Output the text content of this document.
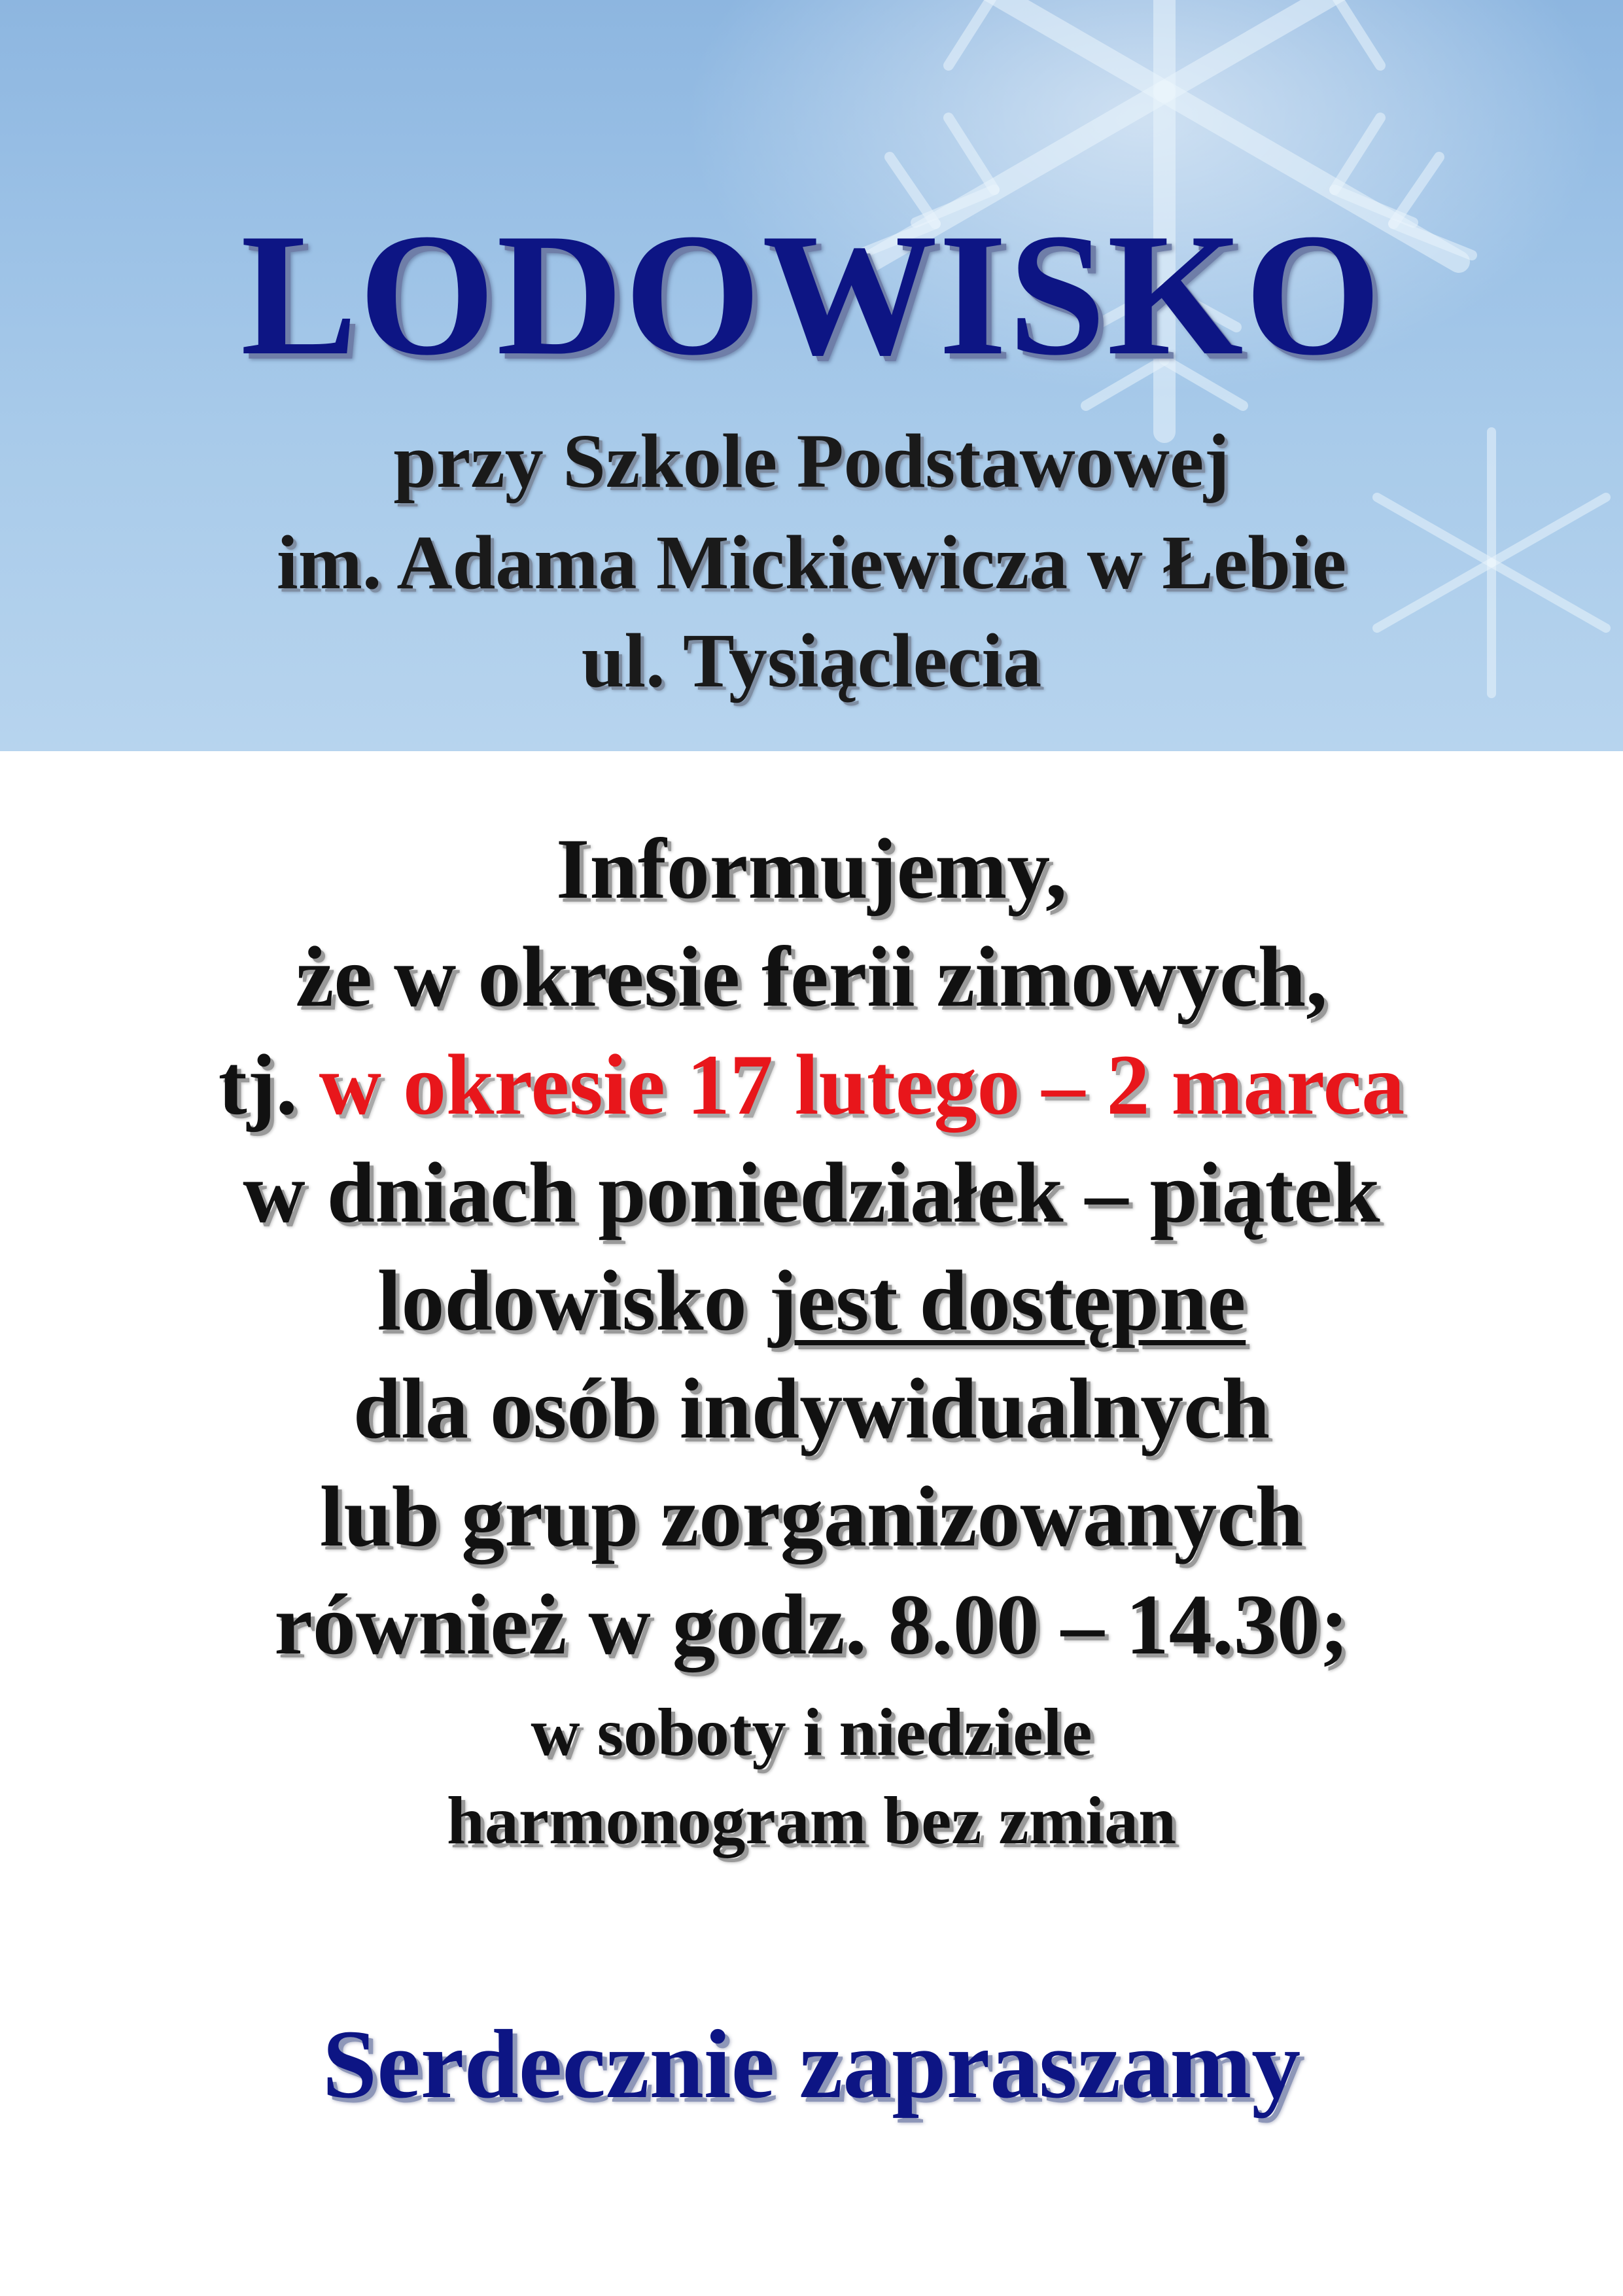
LODOWISKO
przy Szkole Podstawowej
im. Adama Mickiewicza w Łebie
ul. Tysiąclecia
Informujemy,
że w okresie ferii zimowych,
tj. w okresie 17 lutego – 2 marca
w dniach poniedziałek – piątek
lodowisko jest dostępne
dla osób indywidualnych
lub grup zorganizowanych
również w godz. 8.00 – 14.30;
w soboty i niedziele
harmonogram bez zmian
Serdecznie zapraszamy
